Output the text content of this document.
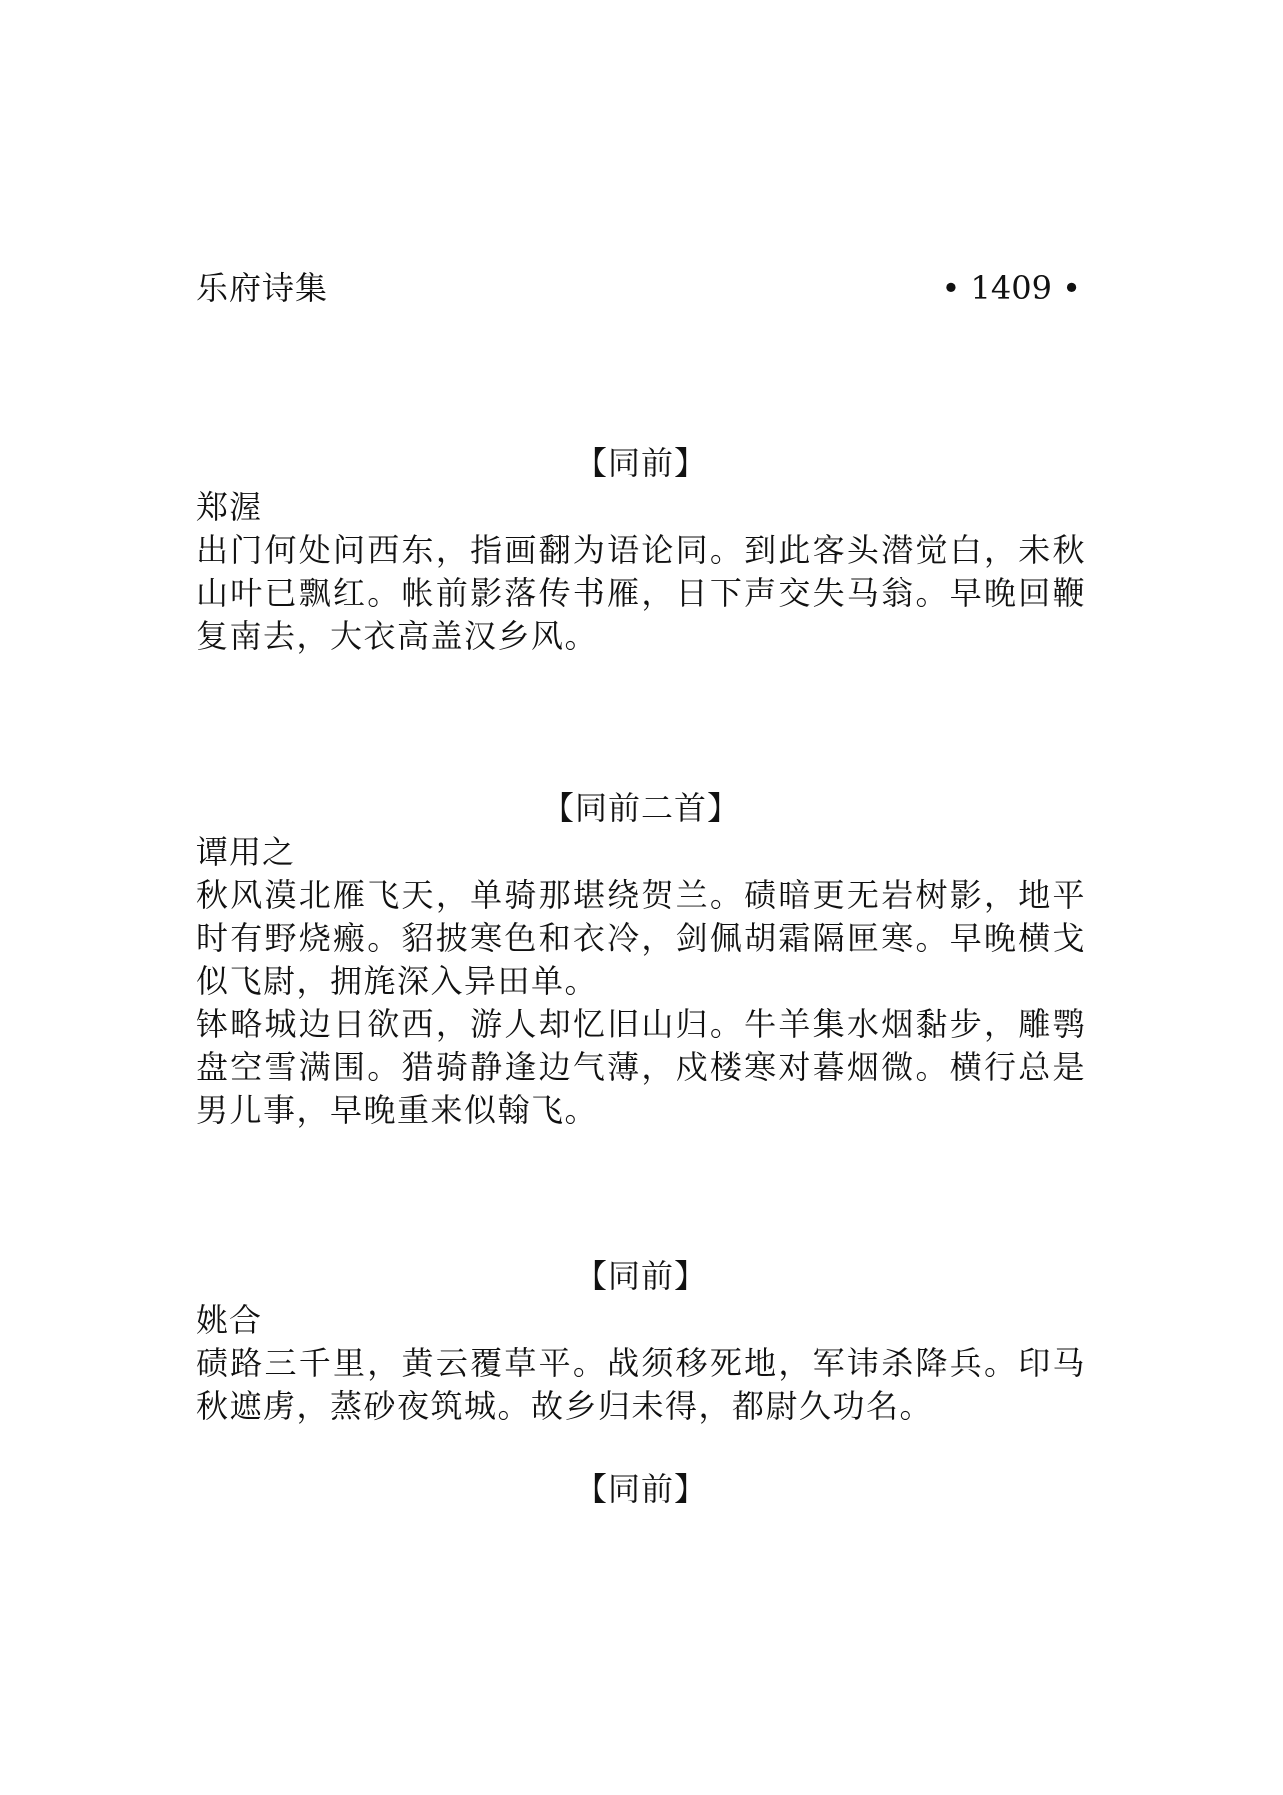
乐府诗集	• 1409 •
【同前】
郑渥

出门何处问西东，指画翻为语论同。到此客头潜觉白，未秋山叶已飘红。帐前影落传书雁，日下声交失马翁。早晚回鞭复南去，大衣高盖汉乡风。

【同前二首】
谭用之

秋风漠北雁飞天，单骑那堪绕贺兰。碛暗更无岩树影，地平时有野烧瘢。貂披寒色和衣冷，剑佩胡霜隔匣寒。早晚横戈似飞尉，拥旄深入异田单。

钵略城边日欲西，游人却忆旧山归。牛羊集水烟黏步，雕鹗盘空雪满围。猎骑静逢边气薄，戍楼寒对暮烟微。横行总是男儿事，早晚重来似翰飞。

【同前】
姚合

碛路三千里，黄云覆草平。战须移死地，军讳杀降兵。印马秋遮虏，蒸砂夜筑城。故乡归未得，都尉久功名。

【同前】
